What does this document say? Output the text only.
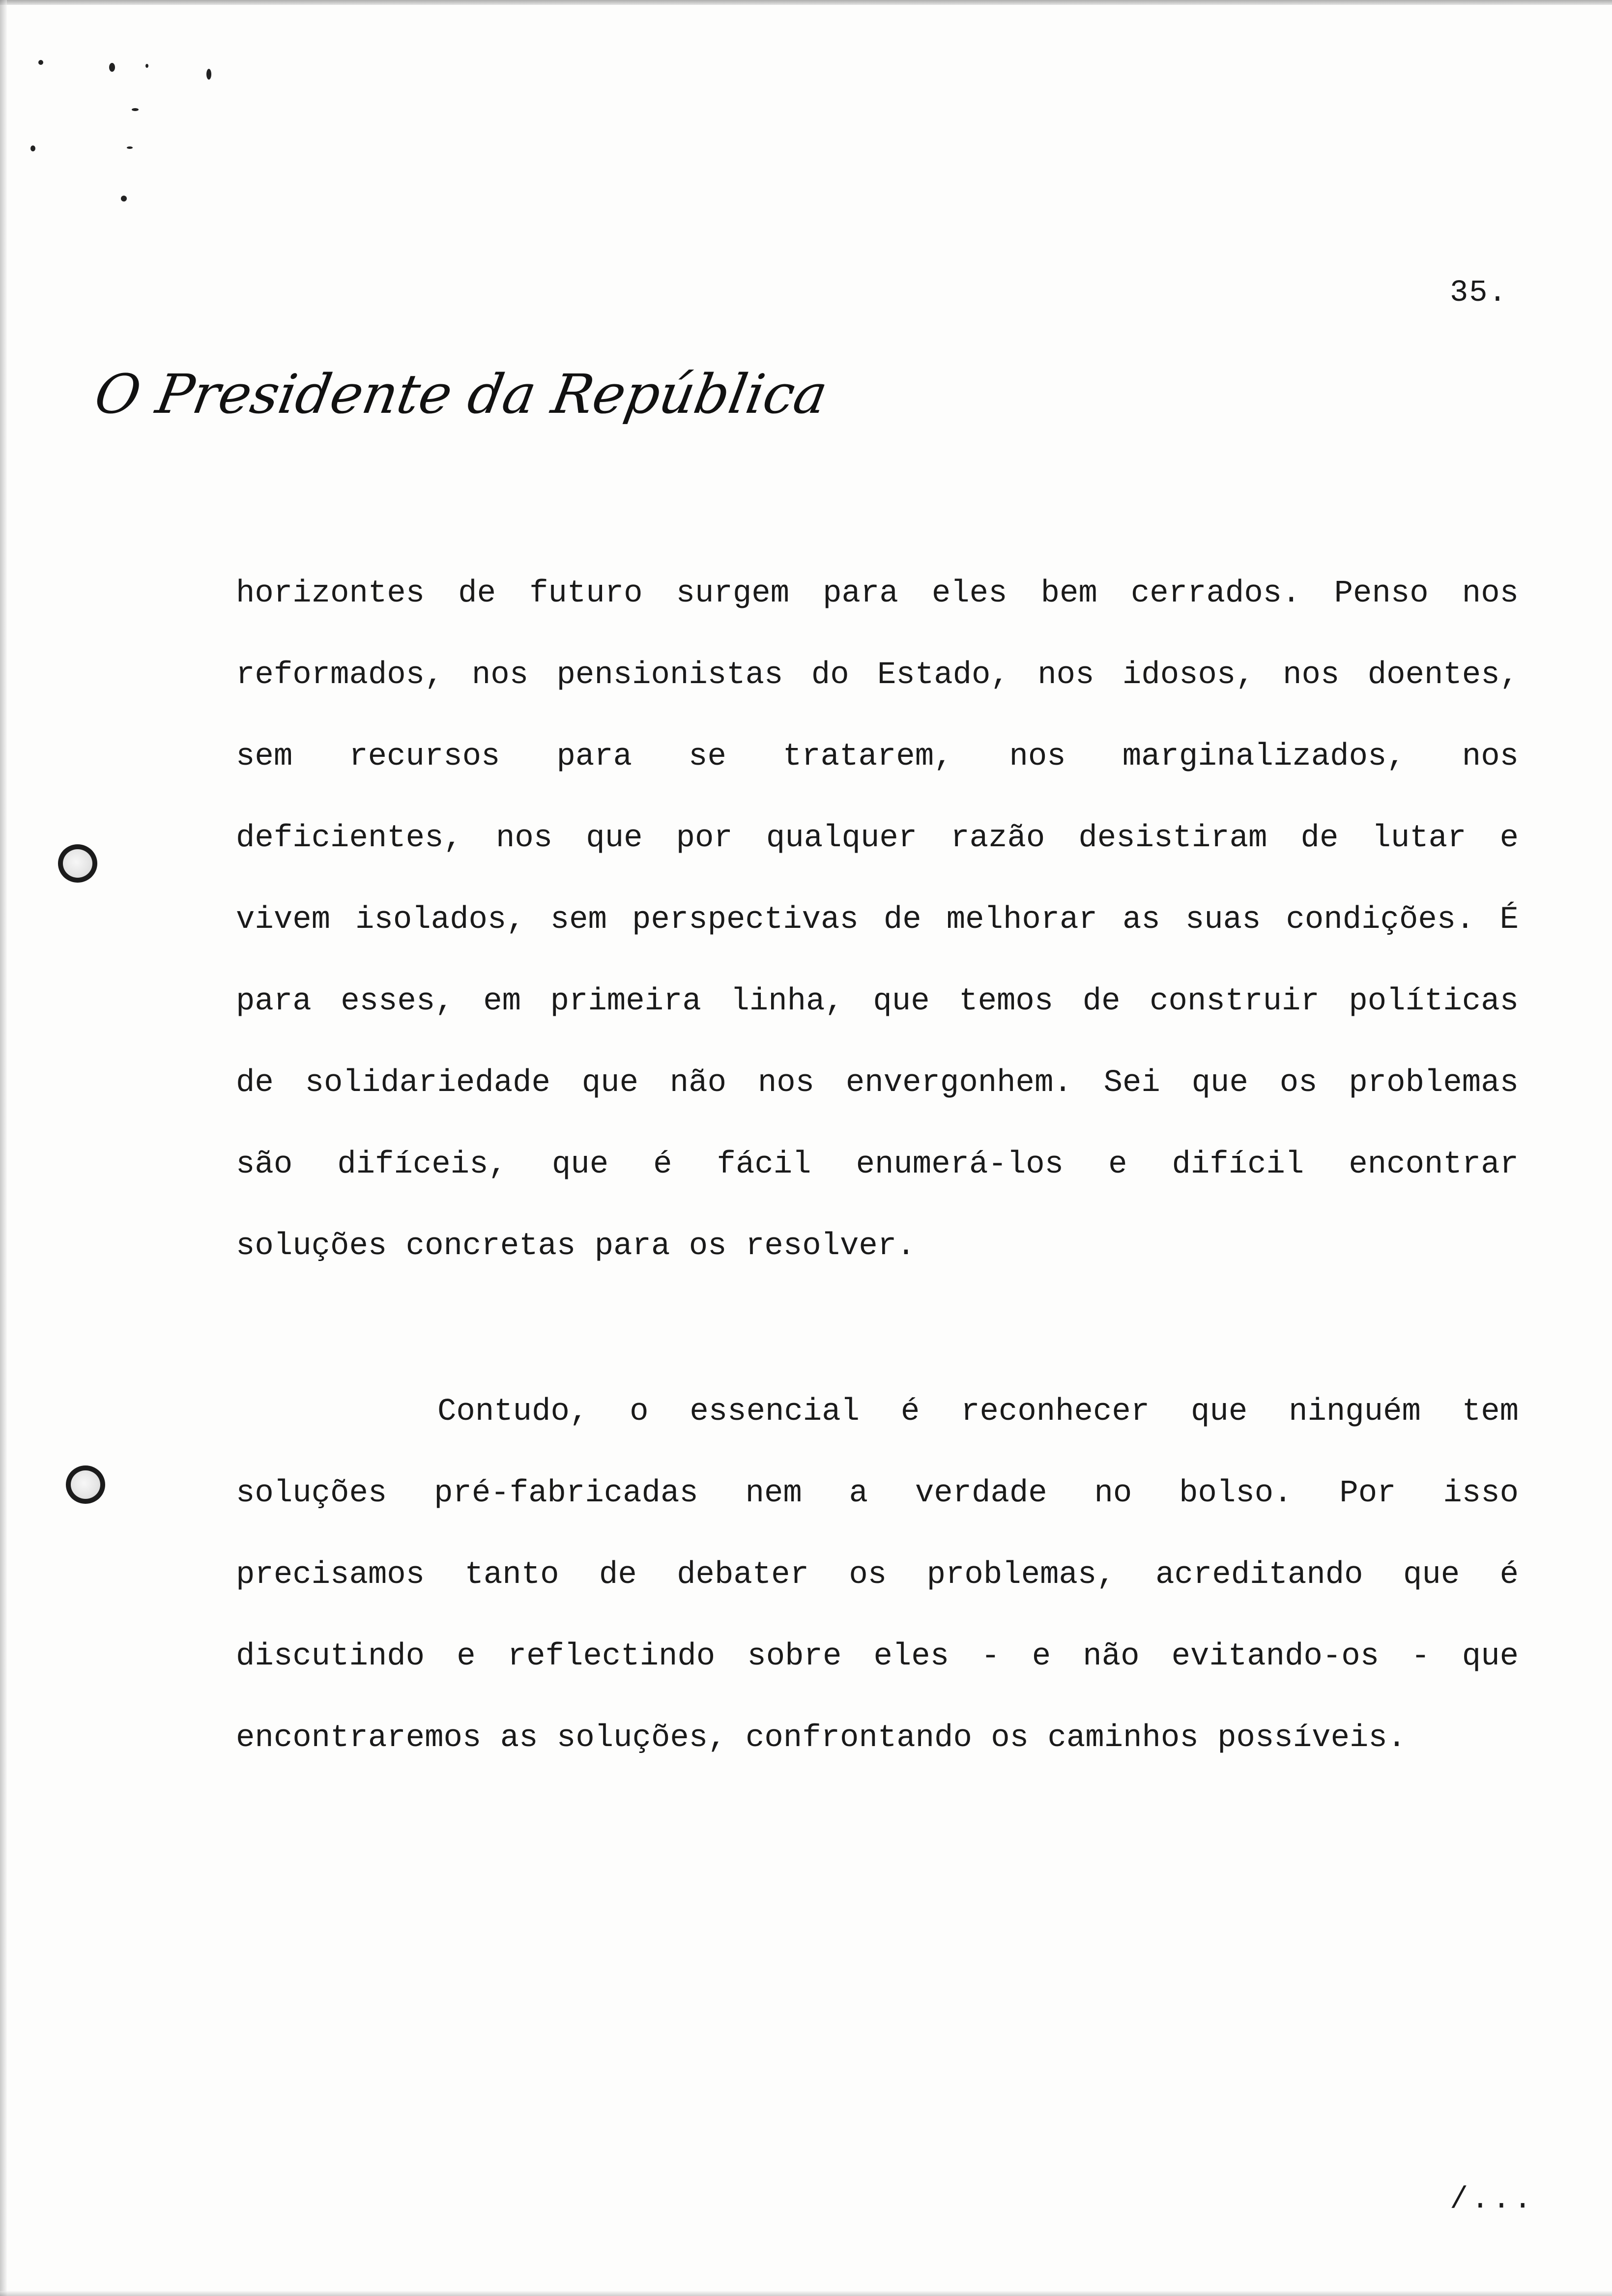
35.
O Presidente da República
horizontes de futuro surgem para eles bem cerrados. Penso nos
reformados, nos pensionistas do Estado, nos idosos, nos doentes,
sem recursos para se tratarem, nos marginalizados, nos
deficientes, nos que por qualquer razão desistiram de lutar e
vivem isolados, sem perspectivas de melhorar as suas condições. É
para esses, em primeira linha, que temos de construir políticas
de solidariedade que não nos envergonhem. Sei que os problemas
são difíceis, que é fácil enumerá-los e difícil encontrar
soluções concretas para os resolver.
Contudo, o essencial é reconhecer que ninguém tem
soluções pré-fabricadas nem a verdade no bolso. Por isso
precisamos tanto de debater os problemas, acreditando que é
discutindo e reflectindo sobre eles - e não evitando-os - que
encontraremos as soluções, confrontando os caminhos possíveis.
/...
